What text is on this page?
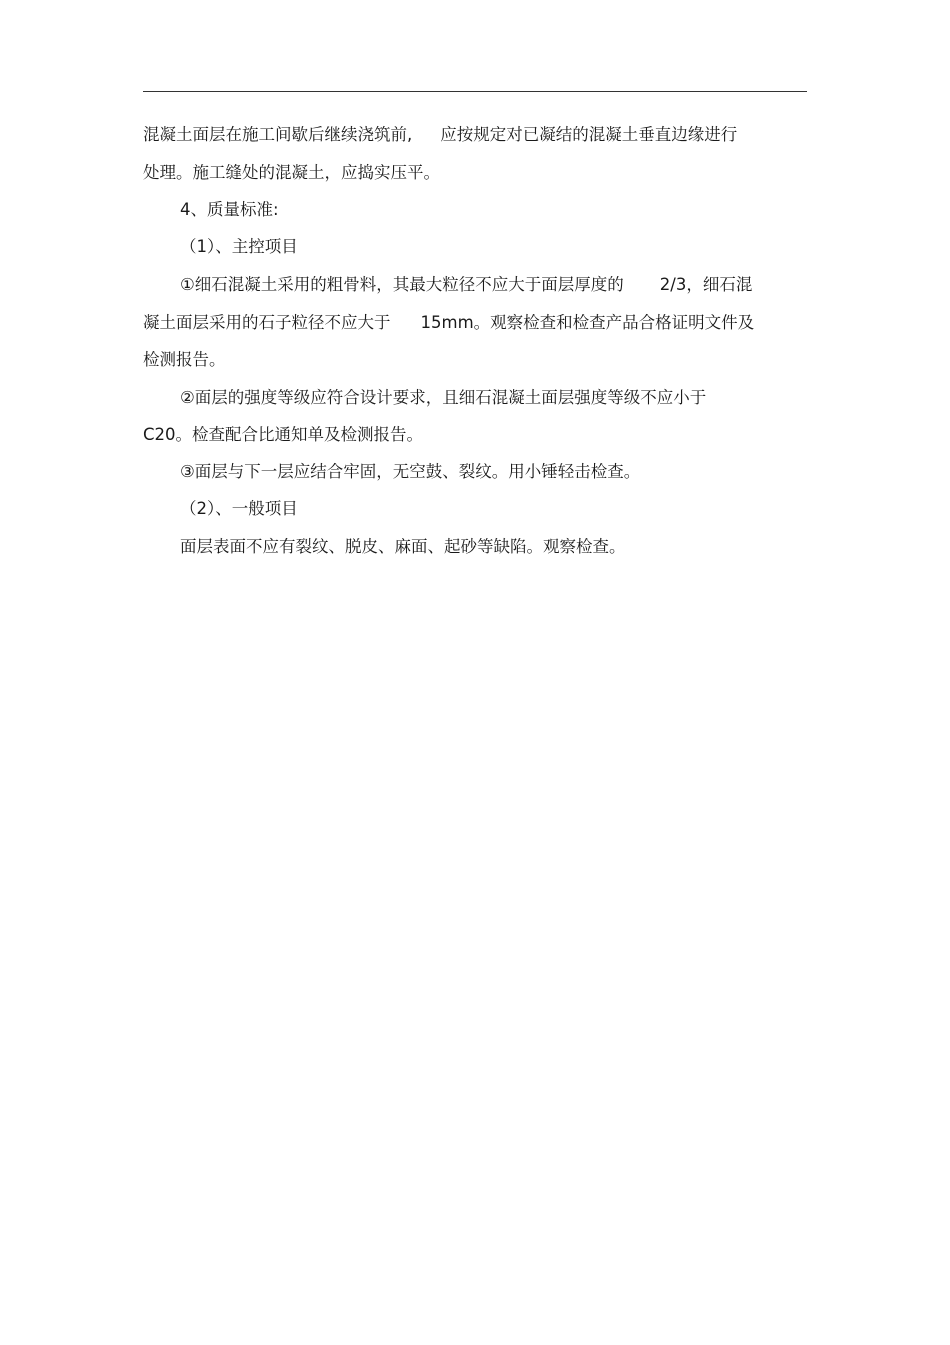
混凝土面层在施工间歇后继续浇筑前, 应按规定对已凝结的混凝土垂直边缘进行
处理。施工缝处的混凝土，应捣实压平。
4、质量标准:
（1）、主控项目
①细石混凝土采用的粗骨料，其最大粒径不应大于面层厚度的 2/3，细石混
凝土面层采用的石子粒径不应大于 15mm。观察检查和检查产品合格证明文件及
检测报告。
②面层的强度等级应符合设计要求，且细石混凝土面层强度等级不应小于
C20。检查配合比通知单及检测报告。
③面层与下一层应结合牢固，无空鼓、裂纹。用小锤轻击检查。
（2）、一般项目
面层表面不应有裂纹、脱皮、麻面、起砂等缺陷。观察检查。
